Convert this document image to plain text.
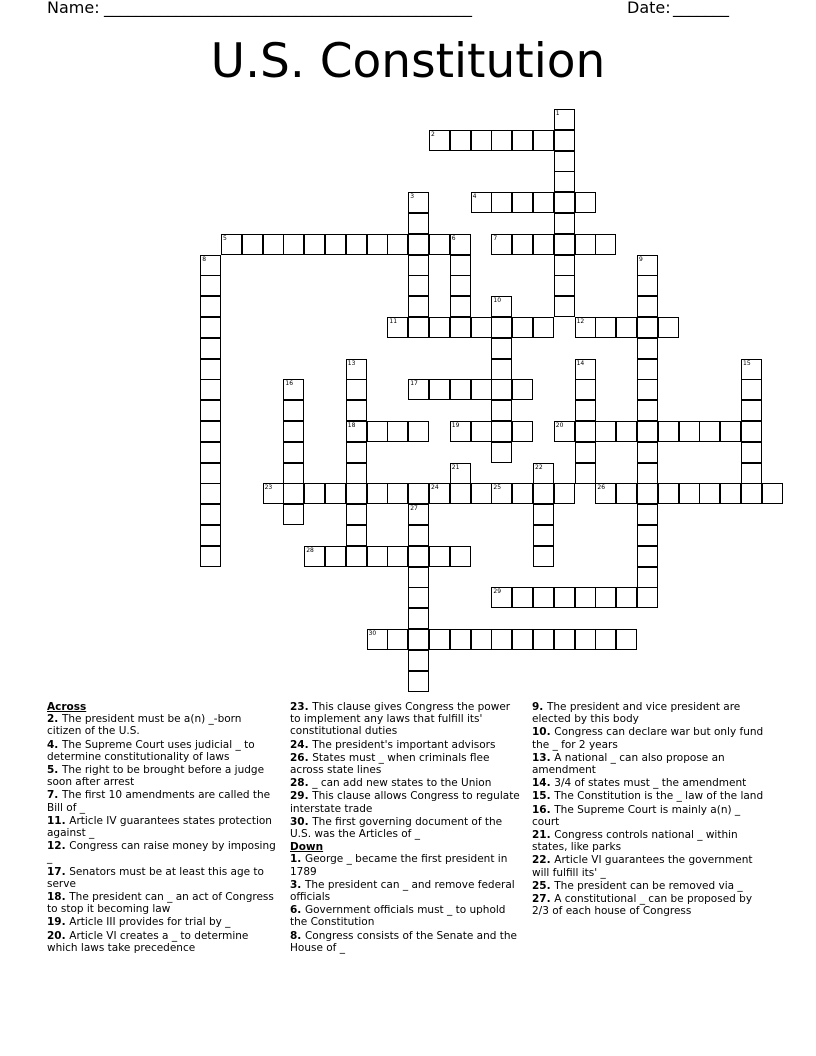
Name: ______________________________________________	Date: _______
U.S. Constitution
1
2
3	4
5	6	7
8	9
10
11	12
13
18
14	15
16	17
19	20
21	22
23	24	25	26
27
28
29
30
Across
2. The president must be a(n) _-born citizen of the U.S.
4. The Supreme Court uses judicial _ to determine constitutionality of laws
5. The right to be brought before a judge soon after arrest
7. The first 10 amendments are called the Bill of _
11. Article IV guarantees states protection against _
12. Congress can raise money by imposing _
17. Senators must be at least this age to serve
18. The president can _ an act of Congress to stop it becoming law
19. Article III provides for trial by _
20. Article VI creates a _ to determine which laws take precedence
23. This clause gives Congress the power to implement any laws that fulfill its' constitutional duties
24. The president's important advisors
26. States must _ when criminals flee across state lines
28. _ can add new states to the Union
29. This clause allows Congress to regulate interstate trade
30. The first governing document of the U.S. was the Articles of _
Down
1. George _ became the first president in 1789
3. The president can _ and remove federal officials
6. Government officials must _ to uphold the Constitution
8. Congress consists of the Senate and the House of _
9. The president and vice president are elected by this body
10. Congress can declare war but only fund the _ for 2 years
13. A national _ can also propose an amendment
14. 3/4 of states must _ the amendment
15. The Constitution is the _ law of the land
16. The Supreme Court is mainly a(n) _ court
21. Congress controls national _ within states, like parks
22. Article VI guarantees the government will fulfill its' _
25. The president can be removed via _
27. A constitutional _ can be proposed by 2/3 of each house of Congress
